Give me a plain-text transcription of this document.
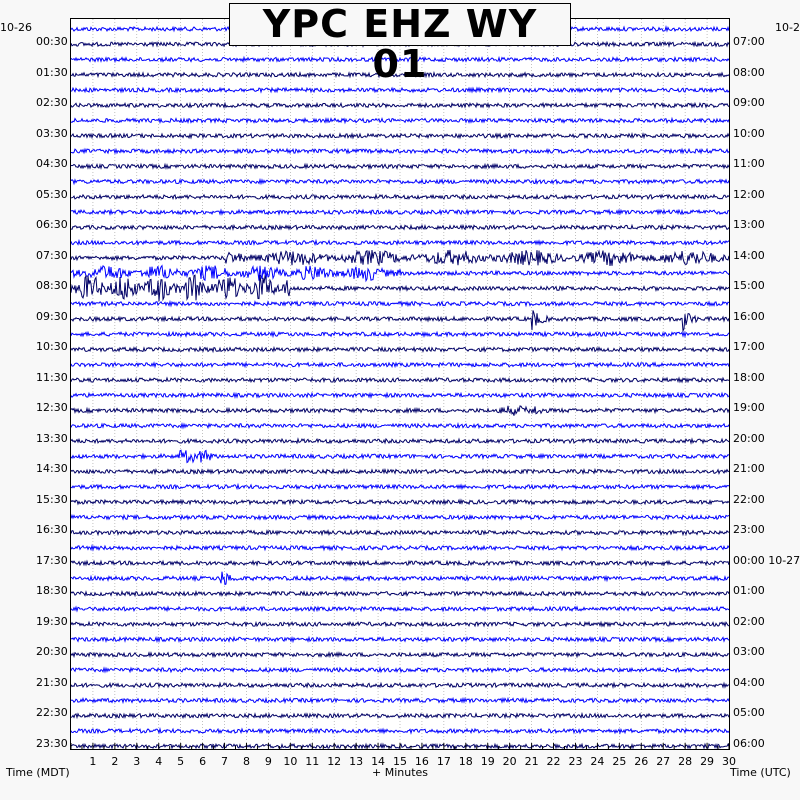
YPC EHZ WY 01
10-26	10-2
00:30
01:30
02:30
03:30
04:30
05:30
06:30
07:30
08:30
09:30
10:30
11:30
12:30
13:30
14:30
15:30
16:30
17:30
18:30
19:30
20:30
21:30
22:30
23:30
07:00
08:00
09:00
10:00
11:00
12:00
13:00
14:00
15:00
16:00
17:00
18:00
19:00
20:00
21:00
22:00
23:00
00:00 10-27
01:00
02:00
03:00
04:00
05:00
06:00
1 2 3 4 5 6 7 8 9 10 11 12 13 14 15 16 17 18 19 20 21 22 23 24 25 26 27 28 29 30
Time (MDT)	+ Minutes	Time (UTC)
